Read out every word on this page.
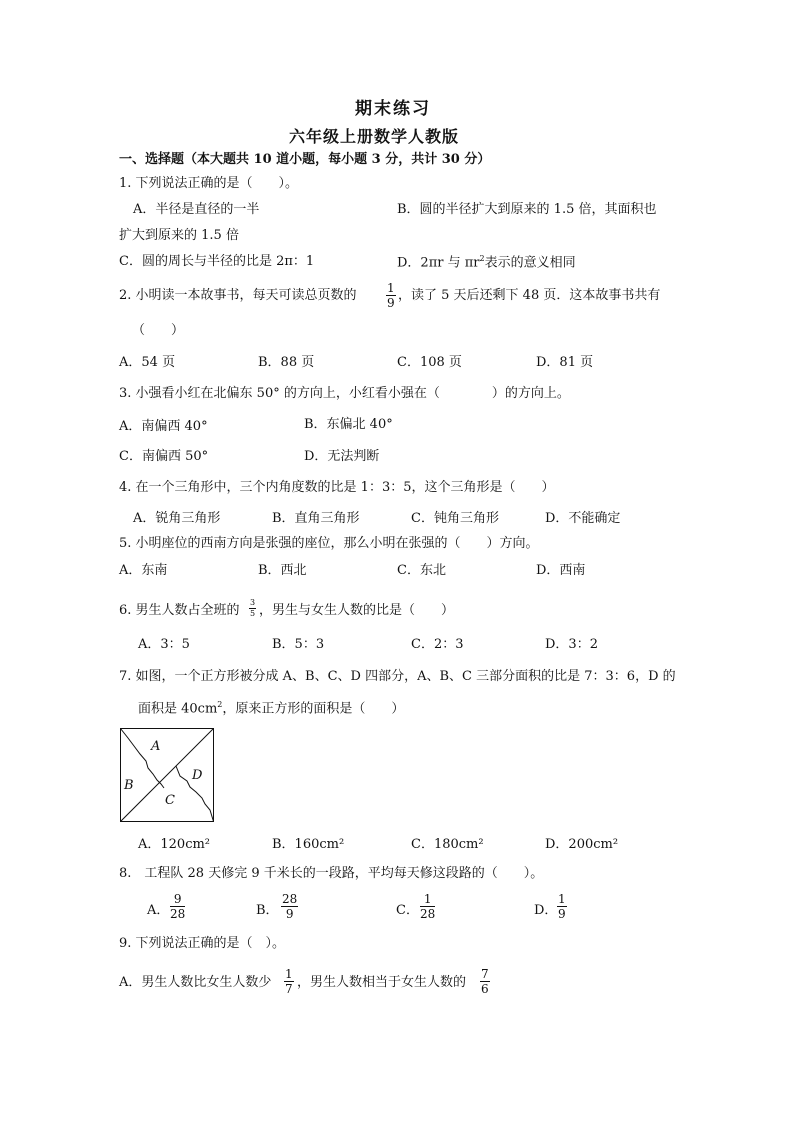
期末练习
六年级上册数学人教版
一、选择题（本大题共 10 道小题，每小题 3 分，共计 30 分）
1. 下列说法正确的是（　　）。
A．半径是直径的一半	B．圆的半径扩大到原来的 1.5 倍，其面积也
扩大到原来的 1.5 倍
C．圆的周长与半径的比是 2π：1	D．2πr 与 $\pi r^2$表示的意义相同
2. 小明读一本故事书，每天可读总页数的	1
9 ，读了 5 天后还剩下 48 页．这本故事书共有
（　　）
A．54 页	B．88 页	C．108 页	D．81 页
3. 小强看小红在北偏东 50° 的方向上，小红看小强在（　　　　）的方向上。
A．南偏西 40°	B．东偏北 40°
C．南偏西 50°	D．无法判断
4. 在一个三角形中，三个内角度数的比是 1：3：5，这个三角形是（　　）
A．锐角三角形	B．直角三角形	C．钝角三角形	D．不能确定
5. 小明座位的西南方向是张强的座位，那么小明在张强的（　　）方向。
A．东南	B．西北	C．东北	D．西南
6. 男生人数占全班的
3
5 ，男生与女生人数的比是（　　）
A．3：5	B．5：3	C．2：3	D．3：2
7. 如图，一个正方形被分成 A、B、C、D 四部分，A、B、C 三部分面积的比是 7：3：6，D 的
面积是 $40cm^2$，原来正方形的面积是（　　）
A
B
C
D
A．120cm²	B．160cm²	C．180cm²	D．200cm²
8.　工程队 28 天修完 9 千米长的一段路，平均每天修这段路的（　　）。
A．
9
28	B．
28
9	C．
1
28	D．
1
9
9. 下列说法正确的是（　）。
A．男生人数比女生人数少
1
7 ，男生人数相当于女生人数的
7
6
